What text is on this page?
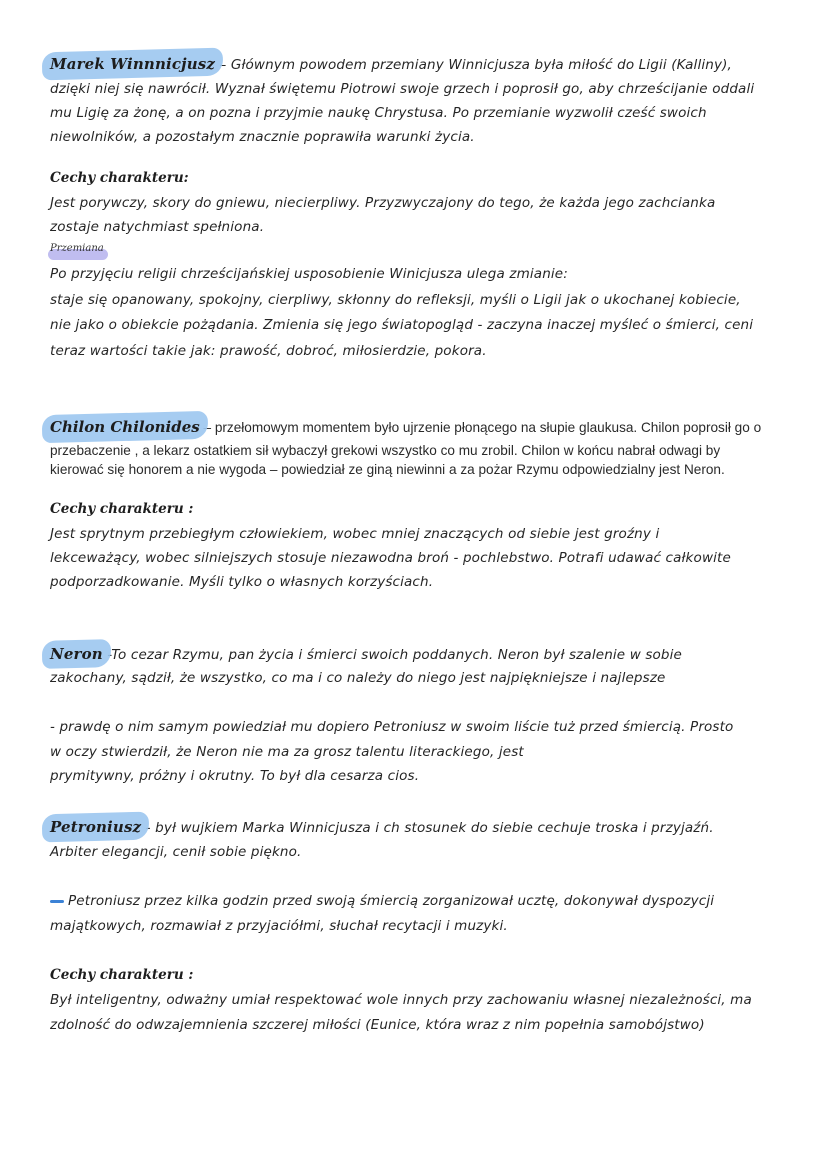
Marek Winnnicjusz – Głównym powodem przemiany Winnicjusza była miłość do Ligii (Kalliny),
dzięki niej się nawrócił. Wyznał świętemu Piotrowi swoje grzech i poprosił go, aby chrześcijanie oddali
mu Ligię za żonę, a on pozna i przyjmie naukę Chrystusa. Po przemianie wyzwolił cześć swoich
niewolników, a pozostałym znacznie poprawiła warunki życia.
Cechy charakteru:
Jest porywczy, skory do gniewu, niecierpliwy. Przyzwyczajony do tego, że każda jego zachcianka
zostaje natychmiast spełniona.
Przemiana
Po przyjęciu religii chrześcijańskiej usposobienie Winicjusza ulega zmianie:
staje się opanowany, spokojny, cierpliwy, skłonny do refleksji, myśli o Ligii jak o ukochanej kobiecie,
nie jako o obiekcie pożądania. Zmienia się jego światopogląd - zaczyna inaczej myśleć o śmierci, ceni
teraz wartości takie jak: prawość, dobroć, miłosierdzie, pokora.
Chilon Chilonides – przełomowym momentem było ujrzenie płonącego na słupie glaukusa. Chilon poprosił go o
przebaczenie , a lekarz ostatkiem sił wybaczył grekowi wszystko co mu zrobil. Chilon w końcu nabrał odwagi by
kierować się honorem a nie wygoda – powiedział ze giną niewinni a za pożar Rzymu odpowiedzialny jest Neron.
Cechy charakteru :
Jest sprytnym przebiegłym człowiekiem, wobec mniej znaczących od siebie jest groźny i
lekceważący, wobec silniejszych stosuje niezawodna broń - pochlebstwo. Potrafi udawać całkowite
podporzadkowanie. Myśli tylko o własnych korzyściach.
Neron -To cezar Rzymu, pan życia i śmierci swoich poddanych. Neron był szalenie w sobie
zakochany, sądził, że wszystko, co ma i co należy do niego jest najpiękniejsze i najlepsze
- prawdę o nim samym powiedział mu dopiero Petroniusz w swoim liście tuż przed śmiercią. Prosto
w oczy stwierdził, że Neron nie ma za grosz talentu literackiego, jest
prymitywny, próżny i okrutny. To był dla cesarza cios.
Petroniusz - był wujkiem Marka Winnicjusza i ch stosunek do siebie cechuje troska i przyjaźń.
Arbiter elegancji, cenił sobie piękno.
Petroniusz przez kilka godzin przed swoją śmiercią zorganizował ucztę, dokonywał dyspozycji
majątkowych, rozmawiał z przyjaciółmi, słuchał recytacji i muzyki.
Cechy charakteru :
Był inteligentny, odważny umiał respektować wole innych przy zachowaniu własnej niezależności, ma
zdolność do odwzajemnienia szczerej miłości (Eunice, która wraz z nim popełnia samobójstwo)
